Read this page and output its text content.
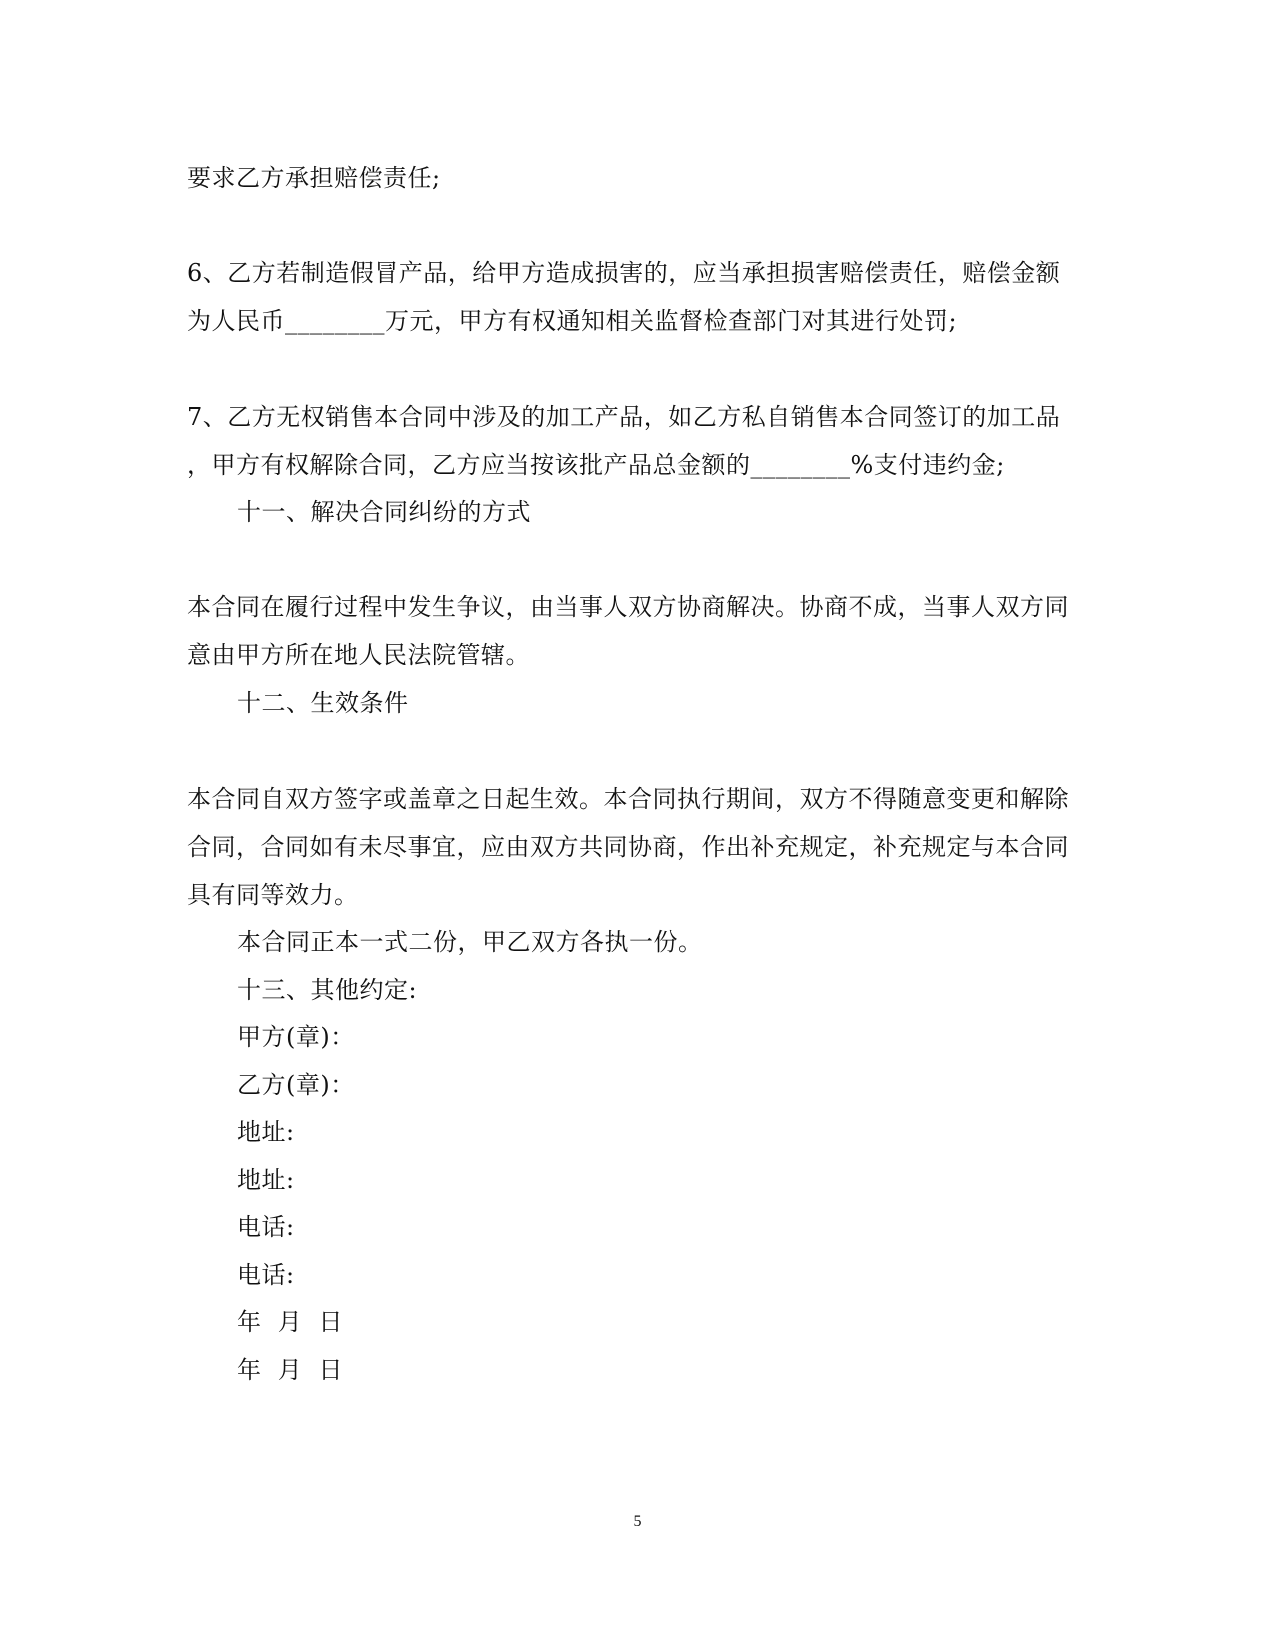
要求乙方承担赔偿责任;
6、乙方若制造假冒产品，给甲方造成损害的，应当承担损害赔偿责任，赔偿金额
为人民币________万元，甲方有权通知相关监督检查部门对其进行处罚;
7、乙方无权销售本合同中涉及的加工产品，如乙方私自销售本合同签订的加工品
，甲方有权解除合同，乙方应当按该批产品总金额的________%支付违约金;
十一、解决合同纠纷的方式
本合同在履行过程中发生争议，由当事人双方协商解决。协商不成，当事人双方同
意由甲方所在地人民法院管辖。
十二、生效条件
本合同自双方签字或盖章之日起生效。本合同执行期间，双方不得随意变更和解除
合同，合同如有未尽事宜，应由双方共同协商，作出补充规定，补充规定与本合同
具有同等效力。
本合同正本一式二份，甲乙双方各执一份。
十三、其他约定:
甲方(章)：
乙方(章)：
地址:
地址:
电话:
电话:
年  月  日
年  月  日
5
